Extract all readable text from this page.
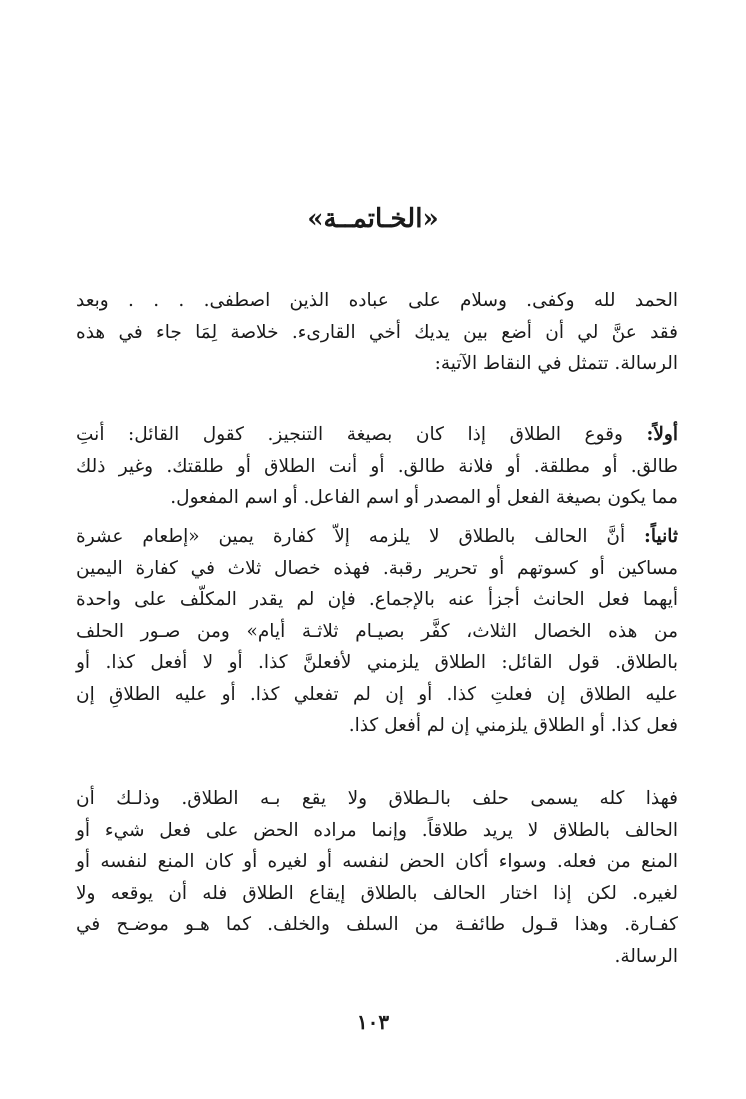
«الخـاتمــة»
الحمد لله وكفى. وسلام على عباده الذين اصطفى. . . . وبعد
فقد عنَّ لي أن أضع بين يديك أخي القارىء. خلاصة لِمَا جاء في هذه
الرسالة. تتمثل في النقاط الآتية:
أولاً: وقوع الطلاق إذا كان بصيغة التنجيز. كقول القائل: أنتِ
طالق. أو مطلقة. أو فلانة طالق. أو أنت الطلاق أو طلقتك. وغير ذلك
مما يكون بصيغة الفعل أو المصدر أو اسم الفاعل. أو اسم المفعول.
ثانياً: أنَّ الحالف بالطلاق لا يلزمه إلاّ كفارة يمين «إطعام عشرة
مساكين أو كسوتهم أو تحرير رقبة. فهذه خصال ثلاث في كفارة اليمين
أيهما فعل الحانث أجزأ عنه بالإجماع. فإن لم يقدر المكلّف على واحدة
من هذه الخصال الثلاث، كفَّر بصيـام ثلاثـة أيام» ومن صـور الحلف
بالطلاق. قول القائل: الطلاق يلزمني لأفعلنَّ كذا. أو لا أفعل كذا. أو
عليه الطلاق إن فعلتِ كذا. أو إن لم تفعلي كذا. أو عليه الطلاقِ إن
فعل كذا. أو الطلاق يلزمني إن لم أفعل كذا.
فهذا كله يسمى حلف بالـطلاق ولا يقع بـه الطلاق. وذلـك أن
الحالف بالطلاق لا يريد طلاقاً. وإنما مراده الحض على فعل شيء أو
المنع من فعله. وسواء أكان الحض لنفسه أو لغيره أو كان المنع لنفسه أو
لغيره. لكن إذا اختار الحالف بالطلاق إيقاع الطلاق فله أن يوقعه ولا
كفـارة. وهذا قـول طائفـة من السلف والخلف. كما هـو موضـح في
الرسالة.
١٠٣
